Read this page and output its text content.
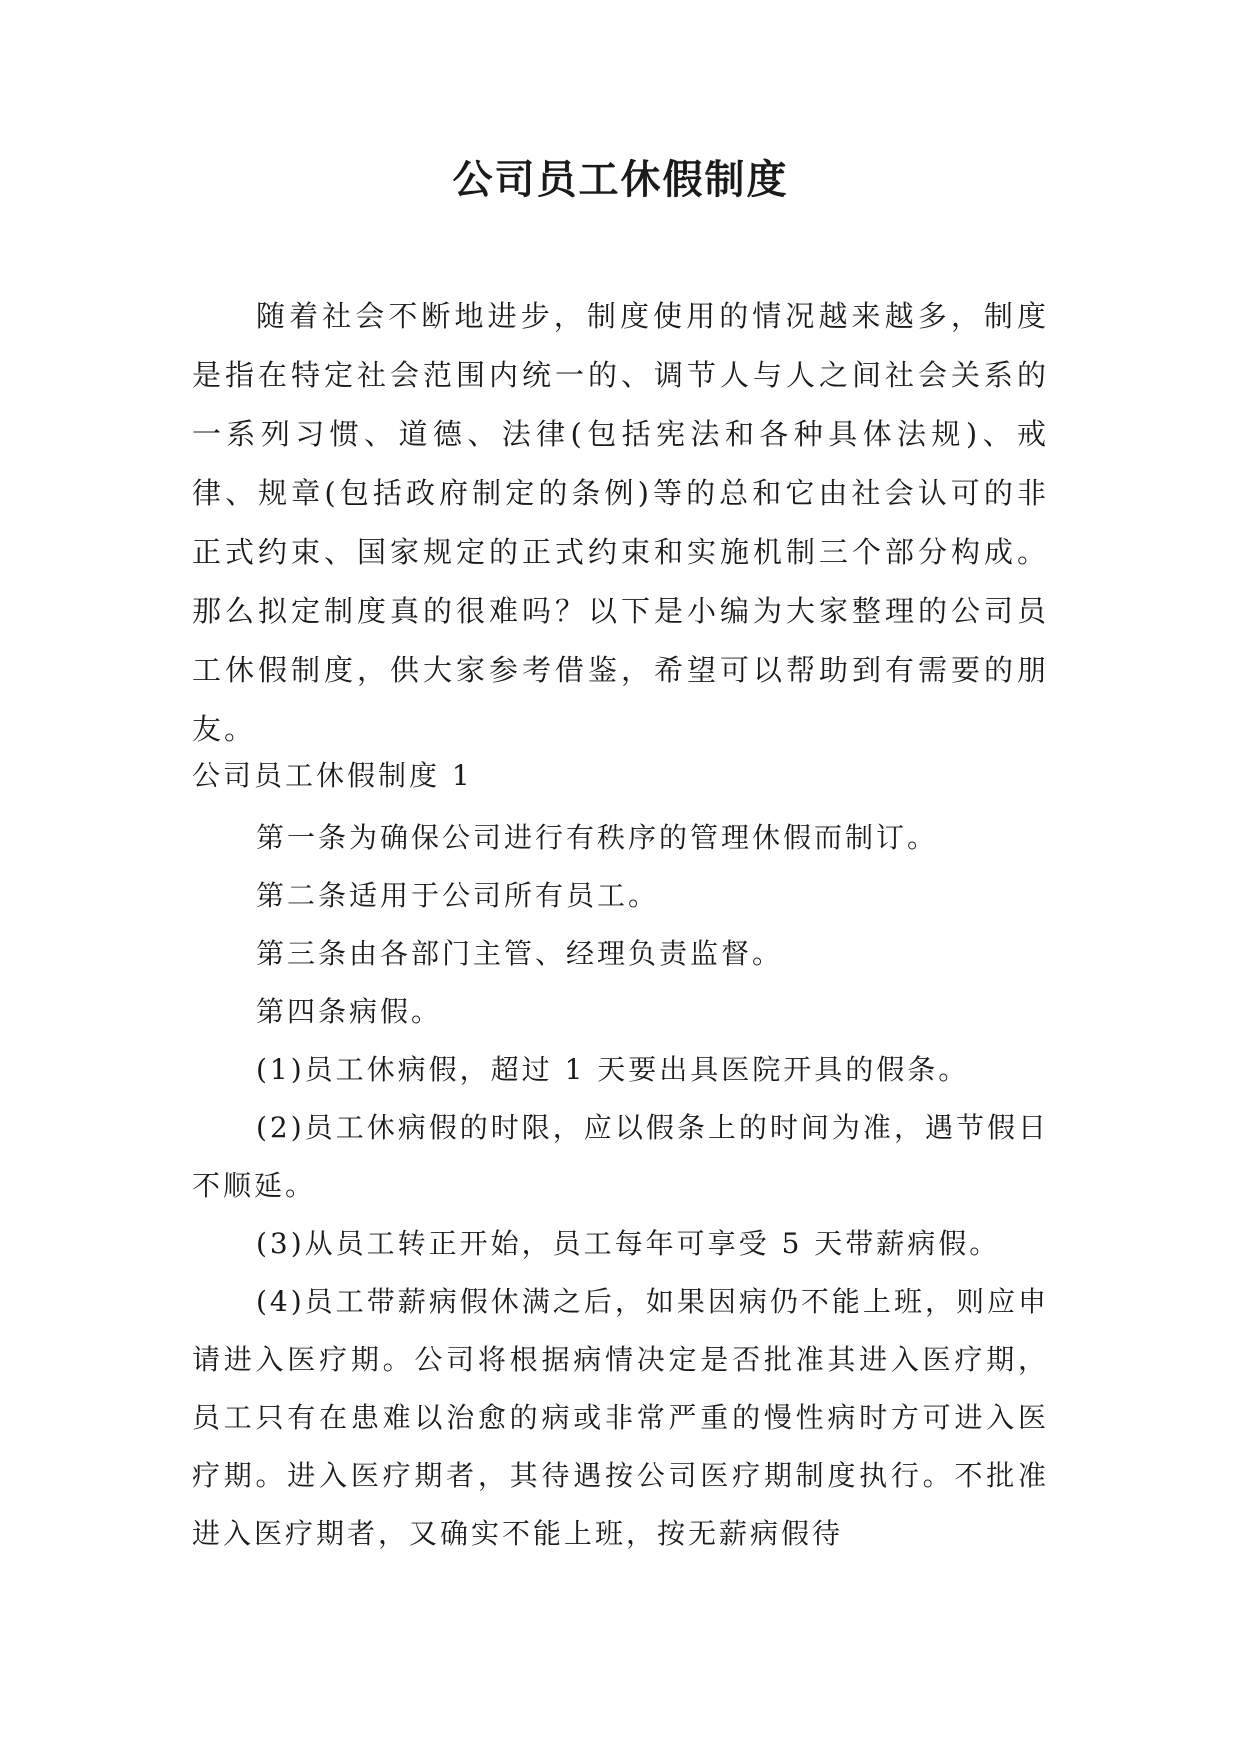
公司员工休假制度

随着社会不断地进步，制度使用的情况越来越多，制度是指在特定社会范围内统一的、调节人与人之间社会关系的一系列习惯、道德、法律(包括宪法和各种具体法规)、戒律、规章(包括政府制定的条例)等的总和它由社会认可的非正式约束、国家规定的正式约束和实施机制三个部分构成。那么拟定制度真的很难吗？以下是小编为大家整理的公司员工休假制度，供大家参考借鉴，希望可以帮助到有需要的朋友。

公司员工休假制度 1

第一条为确保公司进行有秩序的管理休假而制订。

第二条适用于公司所有员工。

第三条由各部门主管、经理负责监督。

第四条病假。

(1)员工休病假，超过 1 天要出具医院开具的假条。

(2)员工休病假的时限，应以假条上的时间为准，遇节假日不顺延。

(3)从员工转正开始，员工每年可享受 5 天带薪病假。

(4)员工带薪病假休满之后，如果因病仍不能上班，则应申请进入医疗期。公司将根据病情决定是否批准其进入医疗期，员工只有在患难以治愈的病或非常严重的慢性病时方可进入医疗期。进入医疗期者，其待遇按公司医疗期制度执行。不批准进入医疗期者，又确实不能上班，按无薪病假待
